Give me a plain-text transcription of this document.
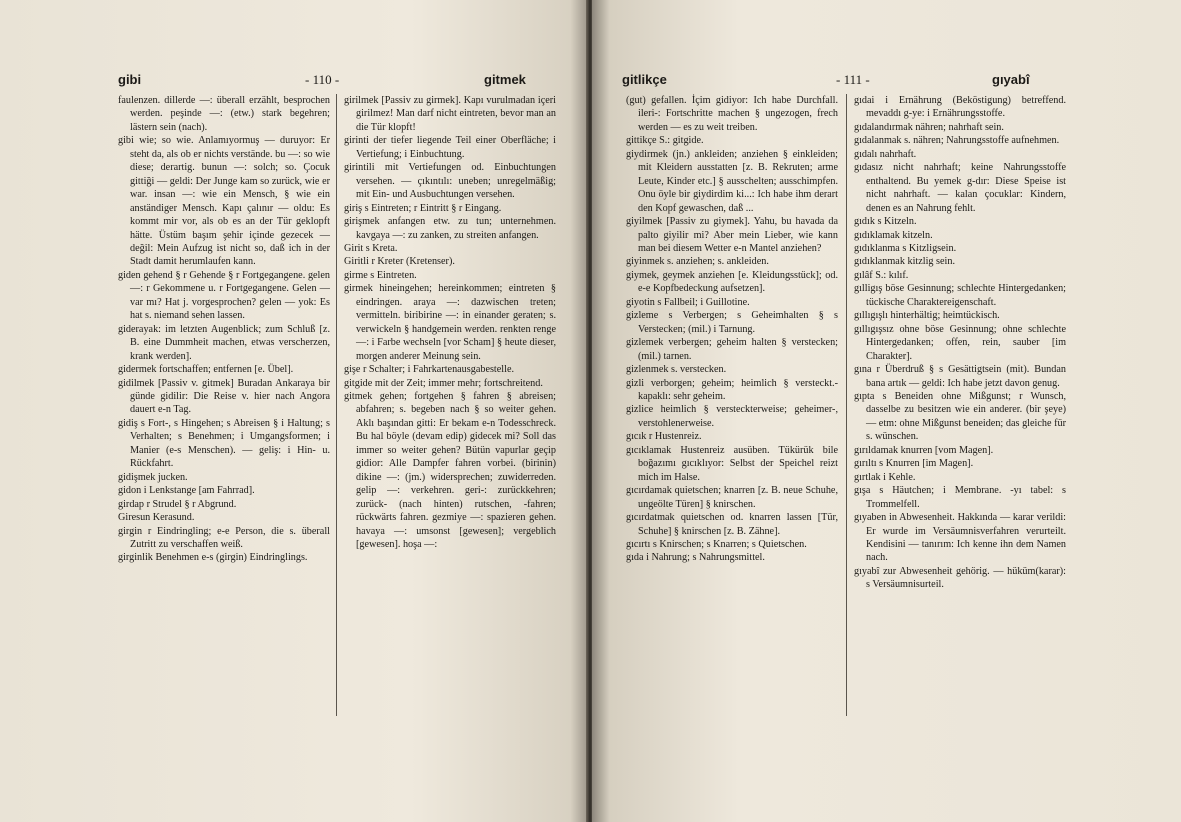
gibi	- 110 -	gitmek

faulenzen. dillerde —: überall erzählt, besprochen werden. peşinde —: (etw.) stark begehren; lästern sein (nach).

gibi wie; so wie. Anlamıyormuş — duruyor: Er steht da, als ob er nichts verstände. bu —: so wie diese; derartig. bunun —: solch; so. Çocuk gittiği — geldi: Der Junge kam so zurück, wie er war. insan —: wie ein Mensch, § wie ein anständiger Mensch. Kapı çalınır — oldu: Es kommt mir vor, als ob es an der Tür geklopft hätte. Üstüm başım şehir içinde gezecek — değil: Mein Aufzug ist nicht so, daß ich in der Stadt damit herumlaufen kann.

giden gehend § r Gehende § r Fortgegangene. gelen —: r Gekommene u. r Fortgegangene. Gelen — var mı? Hat j. vorgesprochen? gelen — yok: Es hat s. niemand sehen lassen.

giderayak: im letzten Augenblick; zum Schluß [z. B. eine Dummheit machen, etwas verscherzen, krank werden].

gidermek fortschaffen; entfernen [e. Übel].

gidilmek [Passiv v. gitmek] Buradan Ankaraya bir günde gidilir: Die Reise v. hier nach Angora dauert e-n Tag.

gidiş s Fort-, s Hingehen; s Abreisen § i Haltung; s Verhalten; s Benehmen; i Umgangsformen; i Manier (e-s Menschen). — geliş: i Hin- u. Rückfahrt.

gidişmek jucken.

gidon i Lenkstange [am Fahrrad].

girdap r Strudel § r Abgrund.

Giresun Kerasund.

girgin r Eindringling; e-e Person, die s. überall Zutritt zu verschaffen weiß.

girginlik Benehmen e-s (girgin) Eindringlings.

girilmek [Passiv zu girmek]. Kapı vurulmadan içeri girilmez! Man darf nicht eintreten, bevor man an die Tür klopft!

girinti der tiefer liegende Teil einer Oberfläche; i Vertiefung; i Einbuchtung.

girintili mit Vertiefungen od. Einbuchtungen versehen. — çıkıntılı: uneben; unregelmäßig; mit Ein- und Ausbuchtungen versehen.

giriş s Eintreten; r Eintritt § r Eingang.

girişmek anfangen etw. zu tun; unternehmen. kavgaya —: zu zanken, zu streiten anfangen.

Girit s Kreta.

Giritli r Kreter (Kretenser).

girme s Eintreten.

girmek hineingehen; hereinkommen; eintreten § eindringen. araya —: dazwischen treten; vermitteln. biribirine —: in einander geraten; s. verwickeln § handgemein werden. renkten renge —: i Farbe wechseln [vor Scham] § heute dieser, morgen anderer Meinung sein.

gişe r Schalter; i Fahrkartenausgabestelle.

gitgide mit der Zeit; immer mehr; fortschreitend.

gitmek gehen; fortgehen § fahren § abreisen; abfahren; s. begeben nach § so weiter gehen. Aklı başından gitti: Er bekam e-n Todesschreck. Bu hal böyle (devam edip) gidecek mi? Soll das immer so weiter gehen? Bütün vapurlar geçip gidior: Alle Dampfer fahren vorbei. (birinin) dikine —: (jm.) widersprechen; zuwiderreden. gelip —: verkehren. geri-: zurückkehren; zurück- (nach hinten) rutschen, -fahren; rückwärts fahren. gezmiye —: spazieren gehen. havaya —: umsonst [gewesen]; vergeblich [gewesen]. hoşa —:

gitlikçe	- 111 -	gıyabî

(gut) gefallen. İçim gidiyor: Ich habe Durchfall. ileri-: Fortschritte machen § ungezogen, frech werden — es zu weit treiben.

gittikçe S.: gitgide.

giydirmek (jn.) ankleiden; anziehen § einkleiden; mit Kleidern ausstatten [z. B. Rekruten; arme Leute, Kinder etc.] § ausschelten; ausschimpfen. Onu öyle bir giydirdim ki...: Ich habe ihm derart den Kopf gewaschen, daß ...

giyilmek [Passiv zu giymek]. Yahu, bu havada da palto giyilir mi? Aber mein Lieber, wie kann man bei diesem Wetter e-n Mantel anziehen?

giyinmek s. anziehen; s. ankleiden.

giymek, geymek anziehen [e. Kleidungsstück]; od. e-e Kopfbedeckung aufsetzen].

giyotin s Fallbeil; i Guillotine.

gizleme s Verbergen; s Geheimhalten § s Verstecken; (mil.) i Tarnung.

gizlemek verbergen; geheim halten § verstecken; (mil.) tarnen.

gizlenmek s. verstecken.

gizli verborgen; geheim; heimlich § versteckt.-kapaklı: sehr geheim.

gizlice heimlich § versteckterweise; geheimer-, verstohlenerweise.

gıcık r Hustenreiz.

gıcıklamak Hustenreiz ausüben. Tükürük bile boğazımı gıcıklıyor: Selbst der Speichel reizt mich im Halse.

gıcırdamak quietschen; knarren [z. B. neue Schuhe, ungeölte Türen] § knirschen.

gıcırdatmak quietschen od. knarren lassen [Tür, Schuhe] § knirschen [z. B. Zähne].

gıcırtı s Knirschen; s Knarren; s Quietschen.

gıda i Nahrung; s Nahrungsmittel.

gıdai i Ernährung (Beköstigung) betreffend. mevaddı g-ye: i Ernährungsstoffe.

gıdalandırmak nähren; nahrhaft sein.

gıdalanmak s. nähren; Nahrungsstoffe aufnehmen.

gıdalı nahrhaft.

gıdasız nicht nahrhaft; keine Nahrungsstoffe enthaltend. Bu yemek g-dır: Diese Speise ist nicht nahrhaft. — kalan çocuklar: Kindern, denen es an Nahrung fehlt.

gıdık s Kitzeln.

gıdıklamak kitzeln.

gıdıklanma s Kitzligsein.

gıdıklanmak kitzlig sein.

gılâf S.: kılıf.

gılligış böse Gesinnung; schlechte Hintergedanken; tückische Charaktereigenschaft.

gıllıgışlı hinterhältig; heimtückisch.

gıllıgışsız ohne böse Gesinnung; ohne schlechte Hintergedanken; offen, rein, sauber [im Charakter].

gına r Überdruß § s Gesättigtsein (mit). Bundan bana artık — geldi: Ich habe jetzt davon genug.

gıpta s Beneiden ohne Mißgunst; r Wunsch, dasselbe zu besitzen wie ein anderer. (bir şeye) — etm: ohne Mißgunst beneiden; das gleiche für s. wünschen.

gırıldamak knurren [vom Magen].

gırıltı s Knurren [im Magen].

gırtlak i Kehle.

gışa s Häutchen; i Membrane. -yı tabel: s Trommelfell.

gıyaben in Abwesenheit. Hakkında — karar verildi: Er wurde im Versäumnisverfahren verurteilt. Kendisini — tanırım: Ich kenne ihn dem Namen nach.

gıyabî zur Abwesenheit gehörig. — hüküm(karar): s Versäumnisurteil.
